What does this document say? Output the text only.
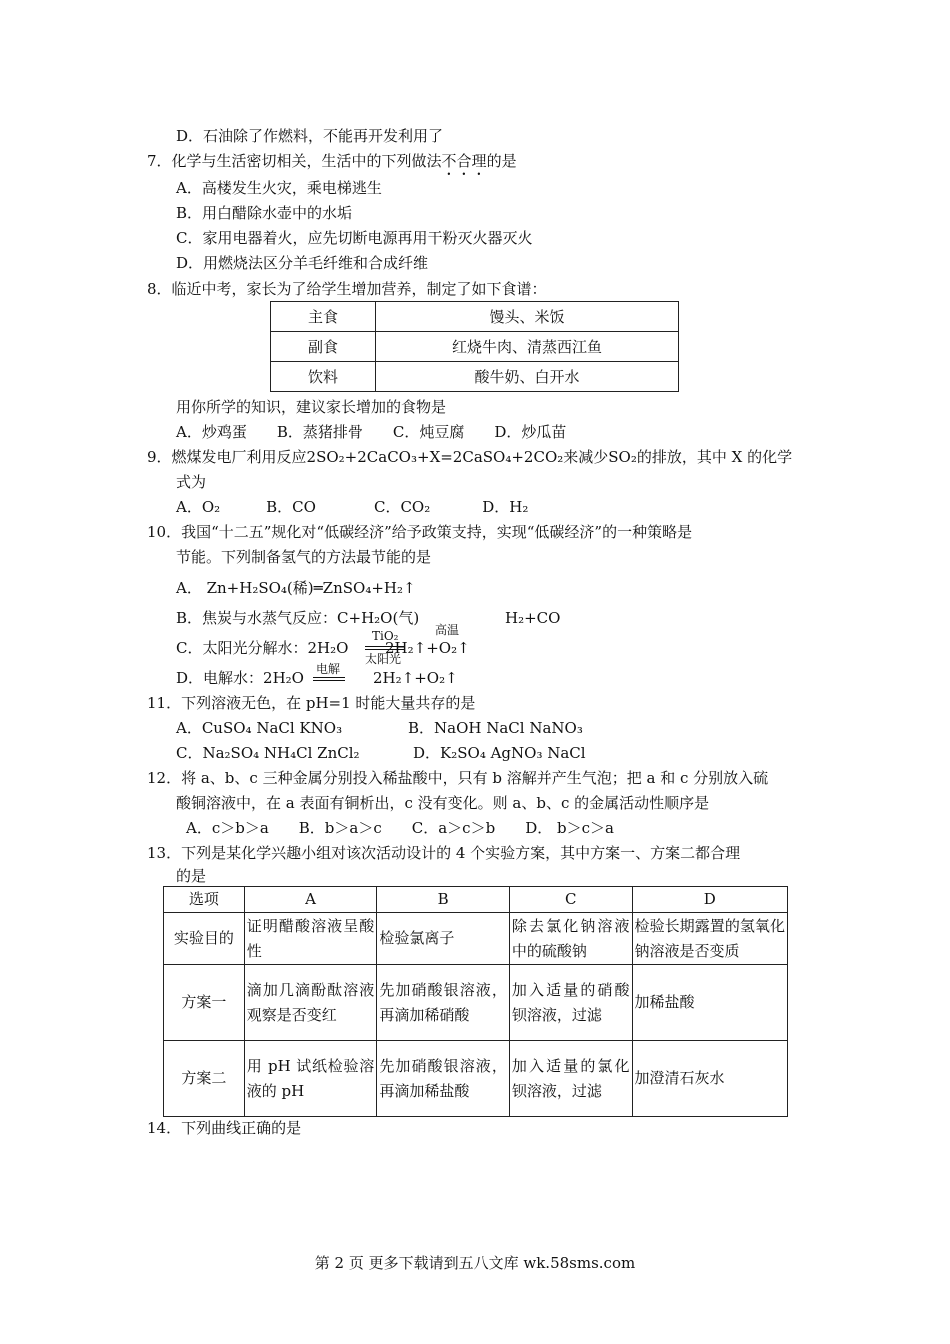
D．石油除了作燃料，不能再开发利用了
7．化学与生活密切相关，生活中的下列做法不合理的是
A．高楼发生火灾，乘电梯逃生
B．用白醋除水壶中的水垢
C．家用电器着火，应先切断电源再用干粉灭火器灭火
D．用燃烧法区分羊毛纤维和合成纤维
8．临近中考，家长为了给学生增加营养，制定了如下食谱：
主食	馒头、米饭
副食	红烧牛肉、清蒸西江鱼
饮料	酸牛奶、白开水
用你所学的知识，建议家长增加的食物是
A．炒鸡蛋 B．蒸猪排骨 C．炖豆腐 D．炒瓜苗
9．燃煤发电厂利用反应2SO₂+2CaCO₃+X=2CaSO₄+2CO₂来减少SO₂的排放，其中 X 的化学
式为
A．O₂	B．CO	C．CO₂	D．H₂
10．我国“十二五”规化对“低碳经济”给予政策支持，实现“低碳经济”的一种策略是
节能。下列制备氢气的方法最节能的是
A． Zn+H₂SO₄(稀)═ZnSO₄+H₂↑
B．焦炭与水蒸气反应：C+H₂O(气)
高温
H₂+CO
C．太阳光分解水：2H₂O
TiO₂
太阳光
2H₂↑+O₂↑
D．电解水：2H₂O 电解 2H₂↑+O₂↑
11．下列溶液无色，在 pH=1 时能大量共存的是
A．CuSO₄ NaCl KNO₃	B．NaOH NaCl NaNO₃
C．Na₂SO₄ NH₄Cl ZnCl₂	D．K₂SO₄ AgNO₃ NaCl
12．将 a、b、c 三种金属分别投入稀盐酸中，只有 b 溶解并产生气泡；把 a 和 c 分别放入硫
酸铜溶液中，在 a 表面有铜析出，c 没有变化。则 a、b、c 的金属活动性顺序是
A．c＞b＞a B．b＞a＞c C．a＞c＞b D． b＞c＞a
13．下列是某化学兴趣小组对该次活动设计的 4 个实验方案，其中方案一、方案二都合理
的是
选项	A	B	C	D
实验目的	证明醋酸溶液呈酸性	检验氯离子	除去氯化钠溶液中的硫酸钠	检验长期露置的氢氧化钠溶液是否变质
方案一	滴加几滴酚酞溶液观察是否变红	先加硝酸银溶液，再滴加稀硝酸	加入适量的硝酸钡溶液，过滤	加稀盐酸
方案二	用 pH 试纸检验溶液的 pH	先加硝酸银溶液，再滴加稀盐酸	加入适量的氯化钡溶液，过滤	加澄清石灰水
14．下列曲线正确的是
第 2 页 更多下载请到五八文库 wk.58sms.com
